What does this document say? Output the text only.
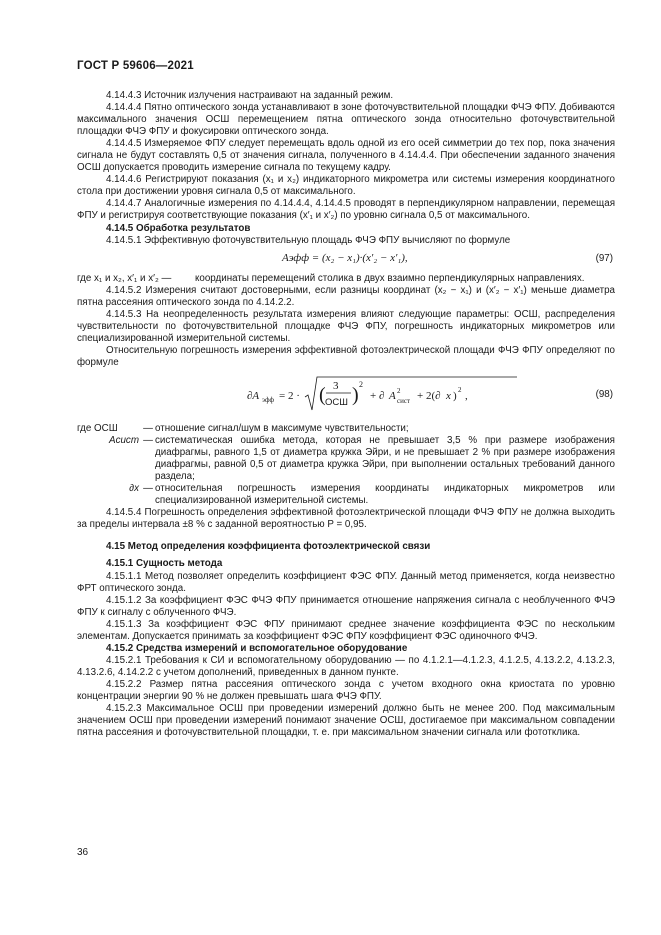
ГОСТ Р 59606—2021

4.14.4.3 Источник излучения настраивают на заданный режим.

4.14.4.4 Пятно оптического зонда устанавливают в зоне фоточувствительной площадки ФЧЭ ФПУ. Добиваются максимального значения ОСШ перемещением пятна оптического зонда относительно фоточувствительной площадки ФЧЭ ФПУ и фокусировки оптического зонда.

4.14.4.5 Измеряемое ФПУ следует перемещать вдоль одной из его осей симметрии до тех пор, пока значения сигнала не будут составлять 0,5 от значения сигнала, полученного в 4.14.4.4. При обеспечении заданного значения ОСШ допускается проводить измерение сигнала по текущему кадру.

4.14.4.6 Регистрируют показания (x₁ и x₂) индикаторного микрометра или системы измерения координатного стола при достижении уровня сигнала 0,5 от максимального.

4.14.4.7 Аналогичные измерения по 4.14.4.4, 4.14.4.5 проводят в перпендикулярном направлении, перемещая ФПУ и регистрируя соответствующие показания (x′₁ и x′₂) по уровню сигнала 0,5 от максимального.

4.14.5 Обработка результатов

4.14.5.1 Эффективную фоточувствительную площадь ФЧЭ ФПУ вычисляют по формуле

Aэфф = (x₂ − x₁)·(x′₂ − x′₁),	(97)
где x₁ и x₂, x′₁ и x′₂ —	координаты перемещений столика в двух взаимно перпендикулярных направлениях.

4.14.5.2 Измерения считают достоверными, если разницы координат (x₂ − x₁) и (x′₂ − x′₁) меньше диаметра пятна рассеяния оптического зонда по 4.14.2.2.

4.14.5.3 На неопределенность результата измерения влияют следующие параметры: ОСШ, распределения чувствительности по фоточувствительной площадке ФЧЭ ФПУ, погрешность индикаторных микрометров или специализированной измерительной системы.

Относительную погрешность измерения эффективной фотоэлектрической площади ФЧЭ ФПУ определяют по формуле

∂A эфф = 2 · ( 3
ОСШ ) 2
+ ∂ A 2
сист + 2(∂ x ) 2 ,	(98)
где ОСШ	— отношение сигнал/шум в максимуме чувствительности;
Aсист — систематическая ошибка метода, которая не превышает 3,5 % при размере изображения диафрагмы, равного 1,5 от диаметра кружка Эйри, и не превышает 2 % при размере изображения диафрагмы, равной 0,5 от диаметра кружка Эйри, при выполнении остальных требований данного раздела;
∂x — относительная погрешность измерения координаты индикаторных микрометров или специализированной измерительной системы.

4.14.5.4 Погрешность определения эффективной фотоэлектрической площади ФЧЭ ФПУ не должна выходить за пределы интервала ±8 % с заданной вероятностью P = 0,95.

4.15 Метод определения коэффициента фотоэлектрической связи

4.15.1 Сущность метода

4.15.1.1 Метод позволяет определить коэффициент ФЭС ФПУ. Данный метод применяется, когда неизвестно ФРТ оптического зонда.

4.15.1.2 За коэффициент ФЭС ФЧЭ ФПУ принимается отношение напряжения сигнала с необлученного ФЧЭ ФПУ к сигналу с облученного ФЧЭ.

4.15.1.3 За коэффициент ФЭС ФПУ принимают среднее значение коэффициента ФЭС по нескольким элементам. Допускается принимать за коэффициент ФЭС ФПУ коэффициент ФЭС одиночного ФЧЭ.

4.15.2 Средства измерений и вспомогательное оборудование

4.15.2.1 Требования к СИ и вспомогательному оборудованию — по 4.1.2.1—4.1.2.3, 4.1.2.5, 4.13.2.2, 4.13.2.3, 4.13.2.6, 4.14.2.2 с учетом дополнений, приведенных в данном пункте.

4.15.2.2 Размер пятна рассеяния оптического зонда с учетом входного окна криостата по уровню концентрации энергии 90 % не должен превышать шага ФЧЭ ФПУ.

4.15.2.3 Максимальное ОСШ при проведении измерений должно быть не менее 200. Под максимальным значением ОСШ при проведении измерений понимают значение ОСШ, достигаемое при максимальном совпадении пятна рассеяния и фоточувствительной площадки, т. е. при максимальном значении сигнала или фототклика.

36
